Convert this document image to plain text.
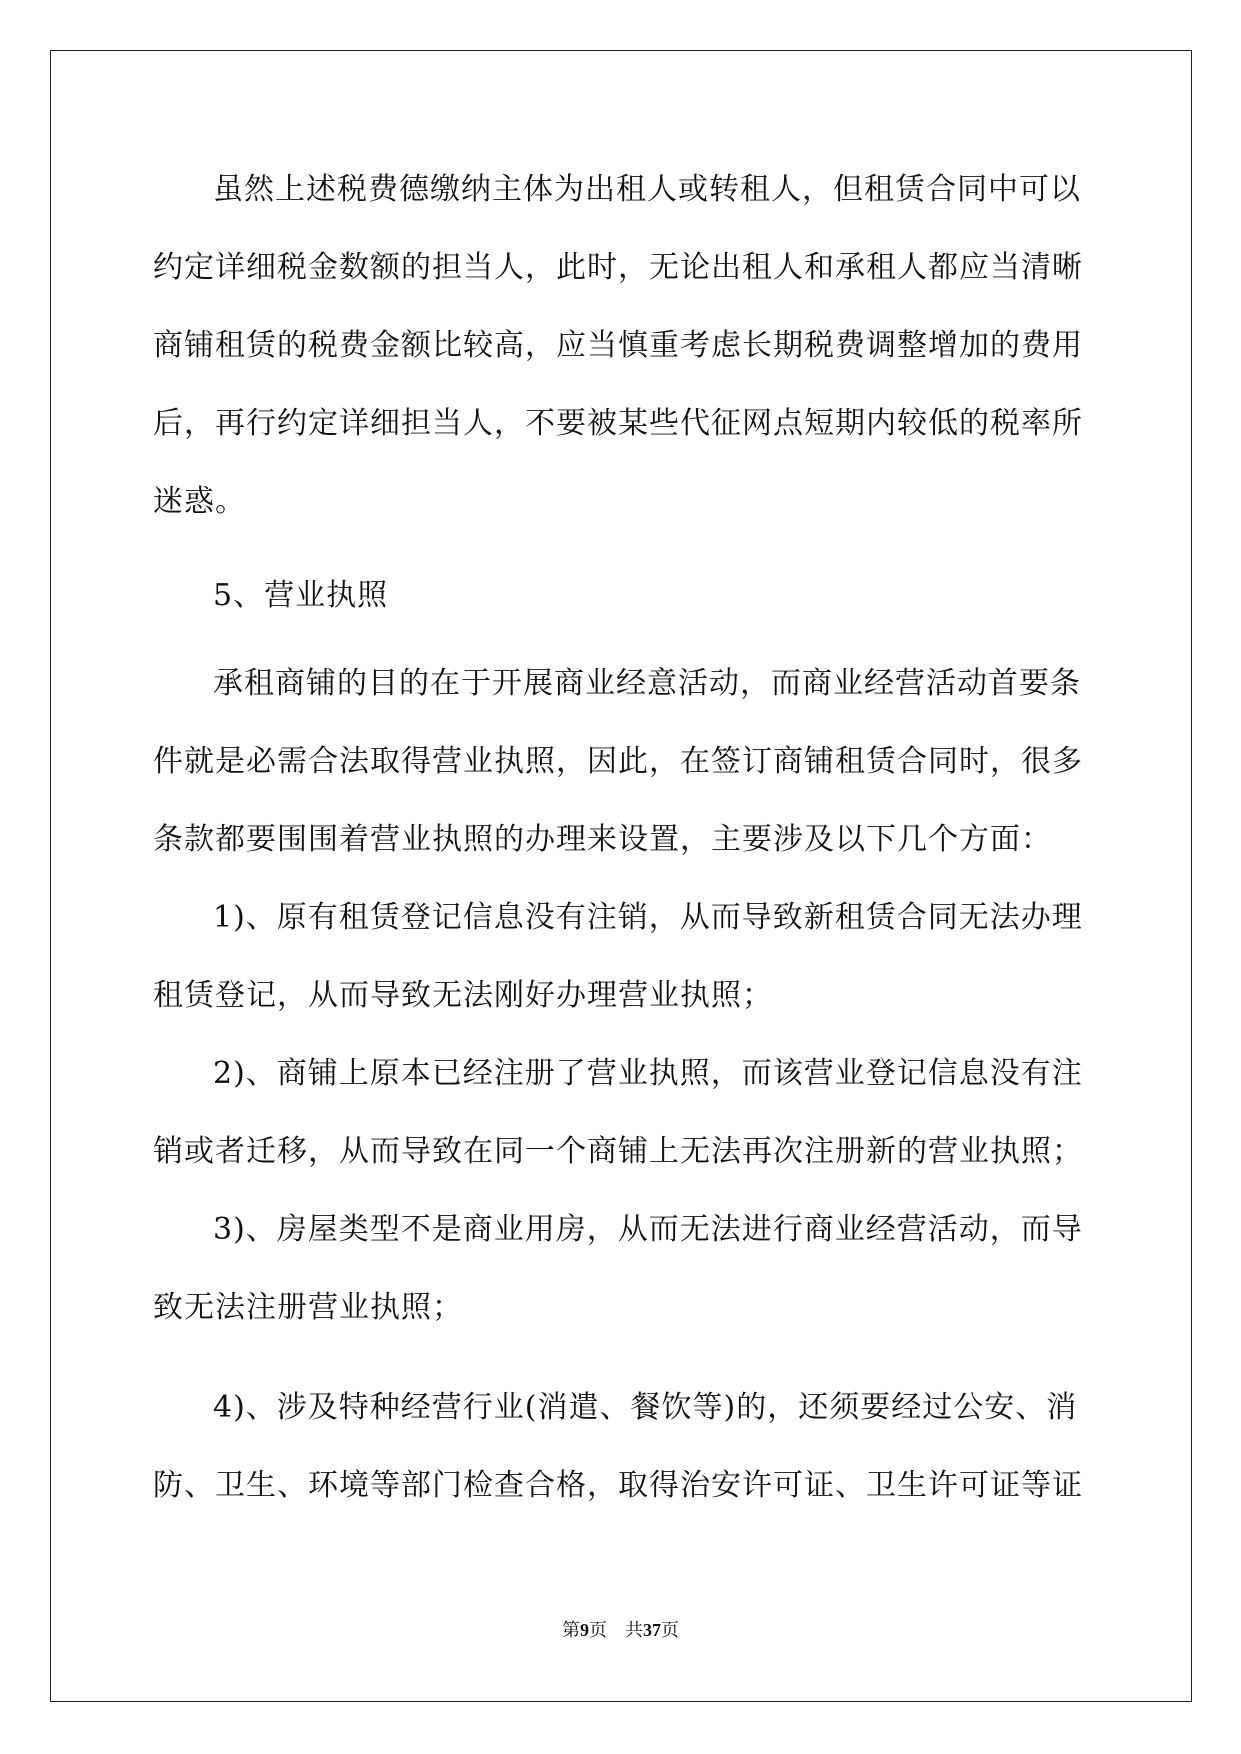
虽然上述税费德缴纳主体为出租人或转租人，但租赁合同中可以
约定详细税金数额的担当人，此时，无论出租人和承租人都应当清晰
商铺租赁的税费金额比较高，应当慎重考虑长期税费调整增加的费用
后，再行约定详细担当人，不要被某些代征网点短期内较低的税率所
迷惑。
5、营业执照
承租商铺的目的在于开展商业经意活动，而商业经营活动首要条
件就是必需合法取得营业执照，因此，在签订商铺租赁合同时，很多
条款都要围围着营业执照的办理来设置，主要涉及以下几个方面：
1)、原有租赁登记信息没有注销，从而导致新租赁合同无法办理
租赁登记，从而导致无法刚好办理营业执照；
2)、商铺上原本已经注册了营业执照，而该营业登记信息没有注
销或者迁移，从而导致在同一个商铺上无法再次注册新的营业执照；
3)、房屋类型不是商业用房，从而无法进行商业经营活动，而导
致无法注册营业执照；
4)、涉及特种经营行业(消遣、餐饮等)的，还须要经过公安、消
防、卫生、环境等部门检查合格，取得治安许可证、卫生许可证等证
第9页　共37页
